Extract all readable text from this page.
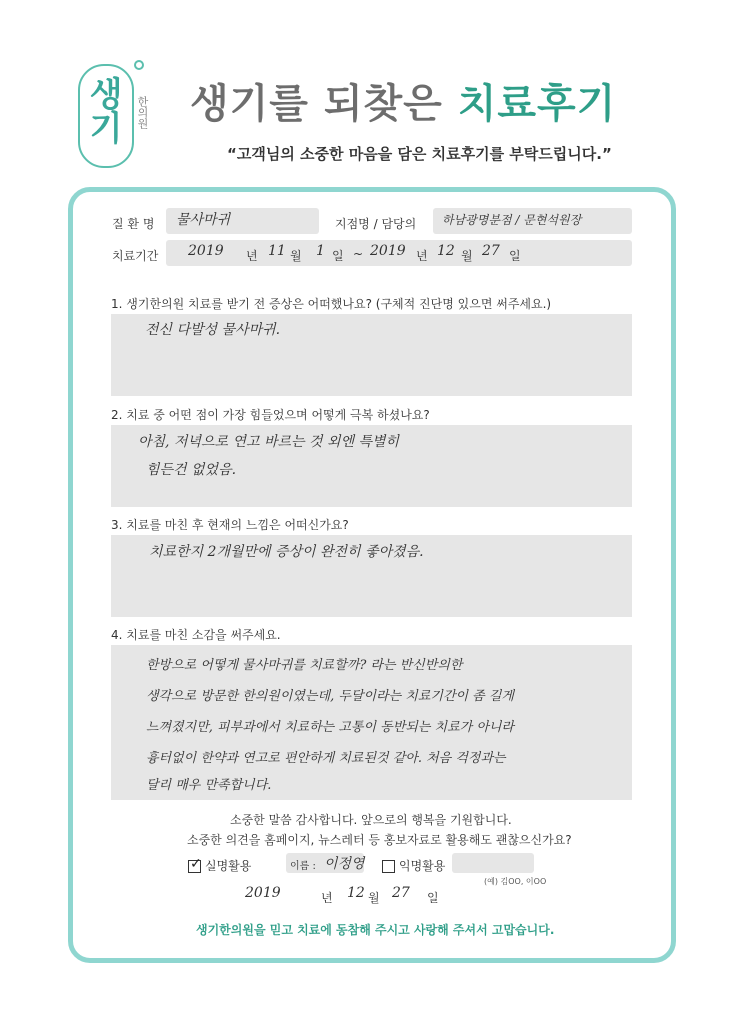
생기	한의원 생기를 되찾은 치료후기
“고객님의 소중한 마음을 담은 치료후기를 부탁드립니다.”
질 환 명 물사마귀	지점명 / 담당의 하남광명분점 / 문현석원장
치료기간 2019 년 11 월 1 일 ~ 2019 년 12 월 27 일
1. 생기한의원 치료를 받기 전 증상은 어떠했나요? (구체적 진단명 있으면 써주세요.)
전신 다발성 물사마귀.
2. 치료 중 어떤 점이 가장 힘들었으며 어떻게 극복 하셨나요?
아침, 저녁으로 연고 바르는 것 외엔 특별히
힘든건 없었음.
3. 치료를 마친 후 현재의 느낌은 어떠신가요?
치료한지 2개월만에 증상이 완전히 좋아졌음.
4. 치료를 마친 소감을 써주세요.
한방으로 어떻게 물사마귀를 치료할까? 라는 반신반의한
생각으로 방문한 한의원이였는데, 두달이라는 치료기간이 좀 길게
느껴졌지만, 피부과에서 치료하는 고통이 동반되는 치료가 아니라
흉터없이 한약과 연고로 편안하게 치료된것 같아. 처음 걱정과는
달리 매우 만족합니다.
소중한 말씀 감사합니다. 앞으로의 행복을 기원합니다.
소중한 의견을 홈페이지, 뉴스레터 등 홍보자료로 활용해도 괜찮으신가요?
✓ 실명활용	이름 : 이정영	익명활용
(예) 김OO, 이OO
2019	년 12 월 27 일
생기한의원을 믿고 치료에 동참해 주시고 사랑해 주셔서 고맙습니다.
